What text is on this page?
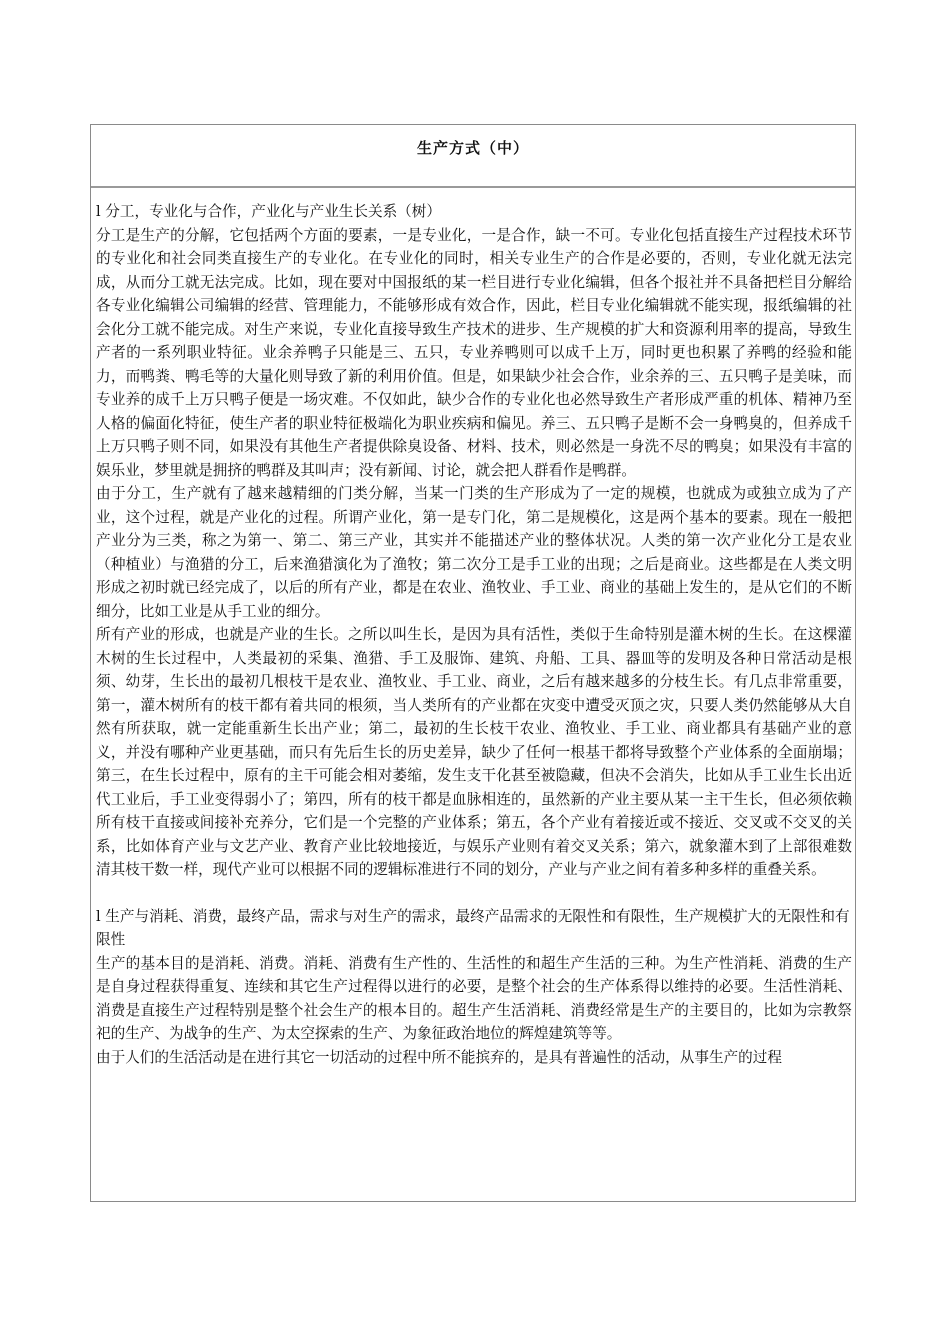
生产方式（中）

l 分工，专业化与合作，产业化与产业生长关系（树）

分工是生产的分解，它包括两个方面的要素，一是专业化，一是合作，缺一不可。专业化包括直接生产过程技术环节的专业化和社会同类直接生产的专业化。在专业化的同时，相关专业生产的合作是必要的，否则，专业化就无法完成，从而分工就无法完成。比如，现在要对中国报纸的某一栏目进行专业化编辑，但各个报社并不具备把栏目分解给各专业化编辑公司编辑的经营、管理能力，不能够形成有效合作，因此，栏目专业化编辑就不能实现，报纸编辑的社会化分工就不能完成。对生产来说，专业化直接导致生产技术的进步、生产规模的扩大和资源利用率的提高，导致生产者的一系列职业特征。业余养鸭子只能是三、五只，专业养鸭则可以成千上万，同时更也积累了养鸭的经验和能力，而鸭粪、鸭毛等的大量化则导致了新的利用价值。但是，如果缺少社会合作，业余养的三、五只鸭子是美味，而专业养的成千上万只鸭子便是一场灾难。不仅如此，缺少合作的专业化也必然导致生产者形成严重的机体、精神乃至人格的偏面化特征，使生产者的职业特征极端化为职业疾病和偏见。养三、五只鸭子是断不会一身鸭臭的，但养成千上万只鸭子则不同，如果没有其他生产者提供除臭设备、材料、技术，则必然是一身洗不尽的鸭臭；如果没有丰富的娱乐业，梦里就是拥挤的鸭群及其叫声；没有新闻、讨论，就会把人群看作是鸭群。

由于分工，生产就有了越来越精细的门类分解，当某一门类的生产形成为了一定的规模，也就成为或独立成为了产业，这个过程，就是产业化的过程。所谓产业化，第一是专门化，第二是规模化，这是两个基本的要素。现在一般把产业分为三类，称之为第一、第二、第三产业，其实并不能描述产业的整体状况。人类的第一次产业化分工是农业（种植业）与渔猎的分工，后来渔猎演化为了渔牧；第二次分工是手工业的出现；之后是商业。这些都是在人类文明形成之初时就已经完成了，以后的所有产业，都是在农业、渔牧业、手工业、商业的基础上发生的，是从它们的不断细分，比如工业是从手工业的细分。

所有产业的形成，也就是产业的生长。之所以叫生长，是因为具有活性，类似于生命特别是灌木树的生长。在这棵灌木树的生长过程中，人类最初的采集、渔猎、手工及服饰、建筑、舟船、工具、器皿等的发明及各种日常活动是根须、幼芽，生长出的最初几根枝干是农业、渔牧业、手工业、商业，之后有越来越多的分枝生长。有几点非常重要，第一，灌木树所有的枝干都有着共同的根须，当人类所有的产业都在灾变中遭受灭顶之灾，只要人类仍然能够从大自然有所获取，就一定能重新生长出产业；第二，最初的生长枝干农业、渔牧业、手工业、商业都具有基础产业的意义，并没有哪种产业更基础，而只有先后生长的历史差异，缺少了任何一根基干都将导致整个产业体系的全面崩塌；第三，在生长过程中，原有的主干可能会相对萎缩，发生支干化甚至被隐藏，但决不会消失，比如从手工业生长出近代工业后，手工业变得弱小了；第四，所有的枝干都是血脉相连的，虽然新的产业主要从某一主干生长，但必须依赖所有枝干直接或间接补充养分，它们是一个完整的产业体系；第五，各个产业有着接近或不接近、交叉或不交叉的关系，比如体育产业与文艺产业、教育产业比较地接近，与娱乐产业则有着交叉关系；第六，就象灌木到了上部很难数清其枝干数一样，现代产业可以根据不同的逻辑标准进行不同的划分，产业与产业之间有着多种多样的重叠关系。

l 生产与消耗、消费，最终产品，需求与对生产的需求，最终产品需求的无限性和有限性，生产规模扩大的无限性和有限性

生产的基本目的是消耗、消费。消耗、消费有生产性的、生活性的和超生产生活的三种。为生产性消耗、消费的生产是自身过程获得重复、连续和其它生产过程得以进行的必要，是整个社会的生产体系得以维持的必要。生活性消耗、消费是直接生产过程特别是整个社会生产的根本目的。超生产生活消耗、消费经常是生产的主要目的，比如为宗教祭祀的生产、为战争的生产、为太空探索的生产、为象征政治地位的辉煌建筑等等。

由于人们的生活活动是在进行其它一切活动的过程中所不能摈弃的，是具有普遍性的活动，从事生产的过程
